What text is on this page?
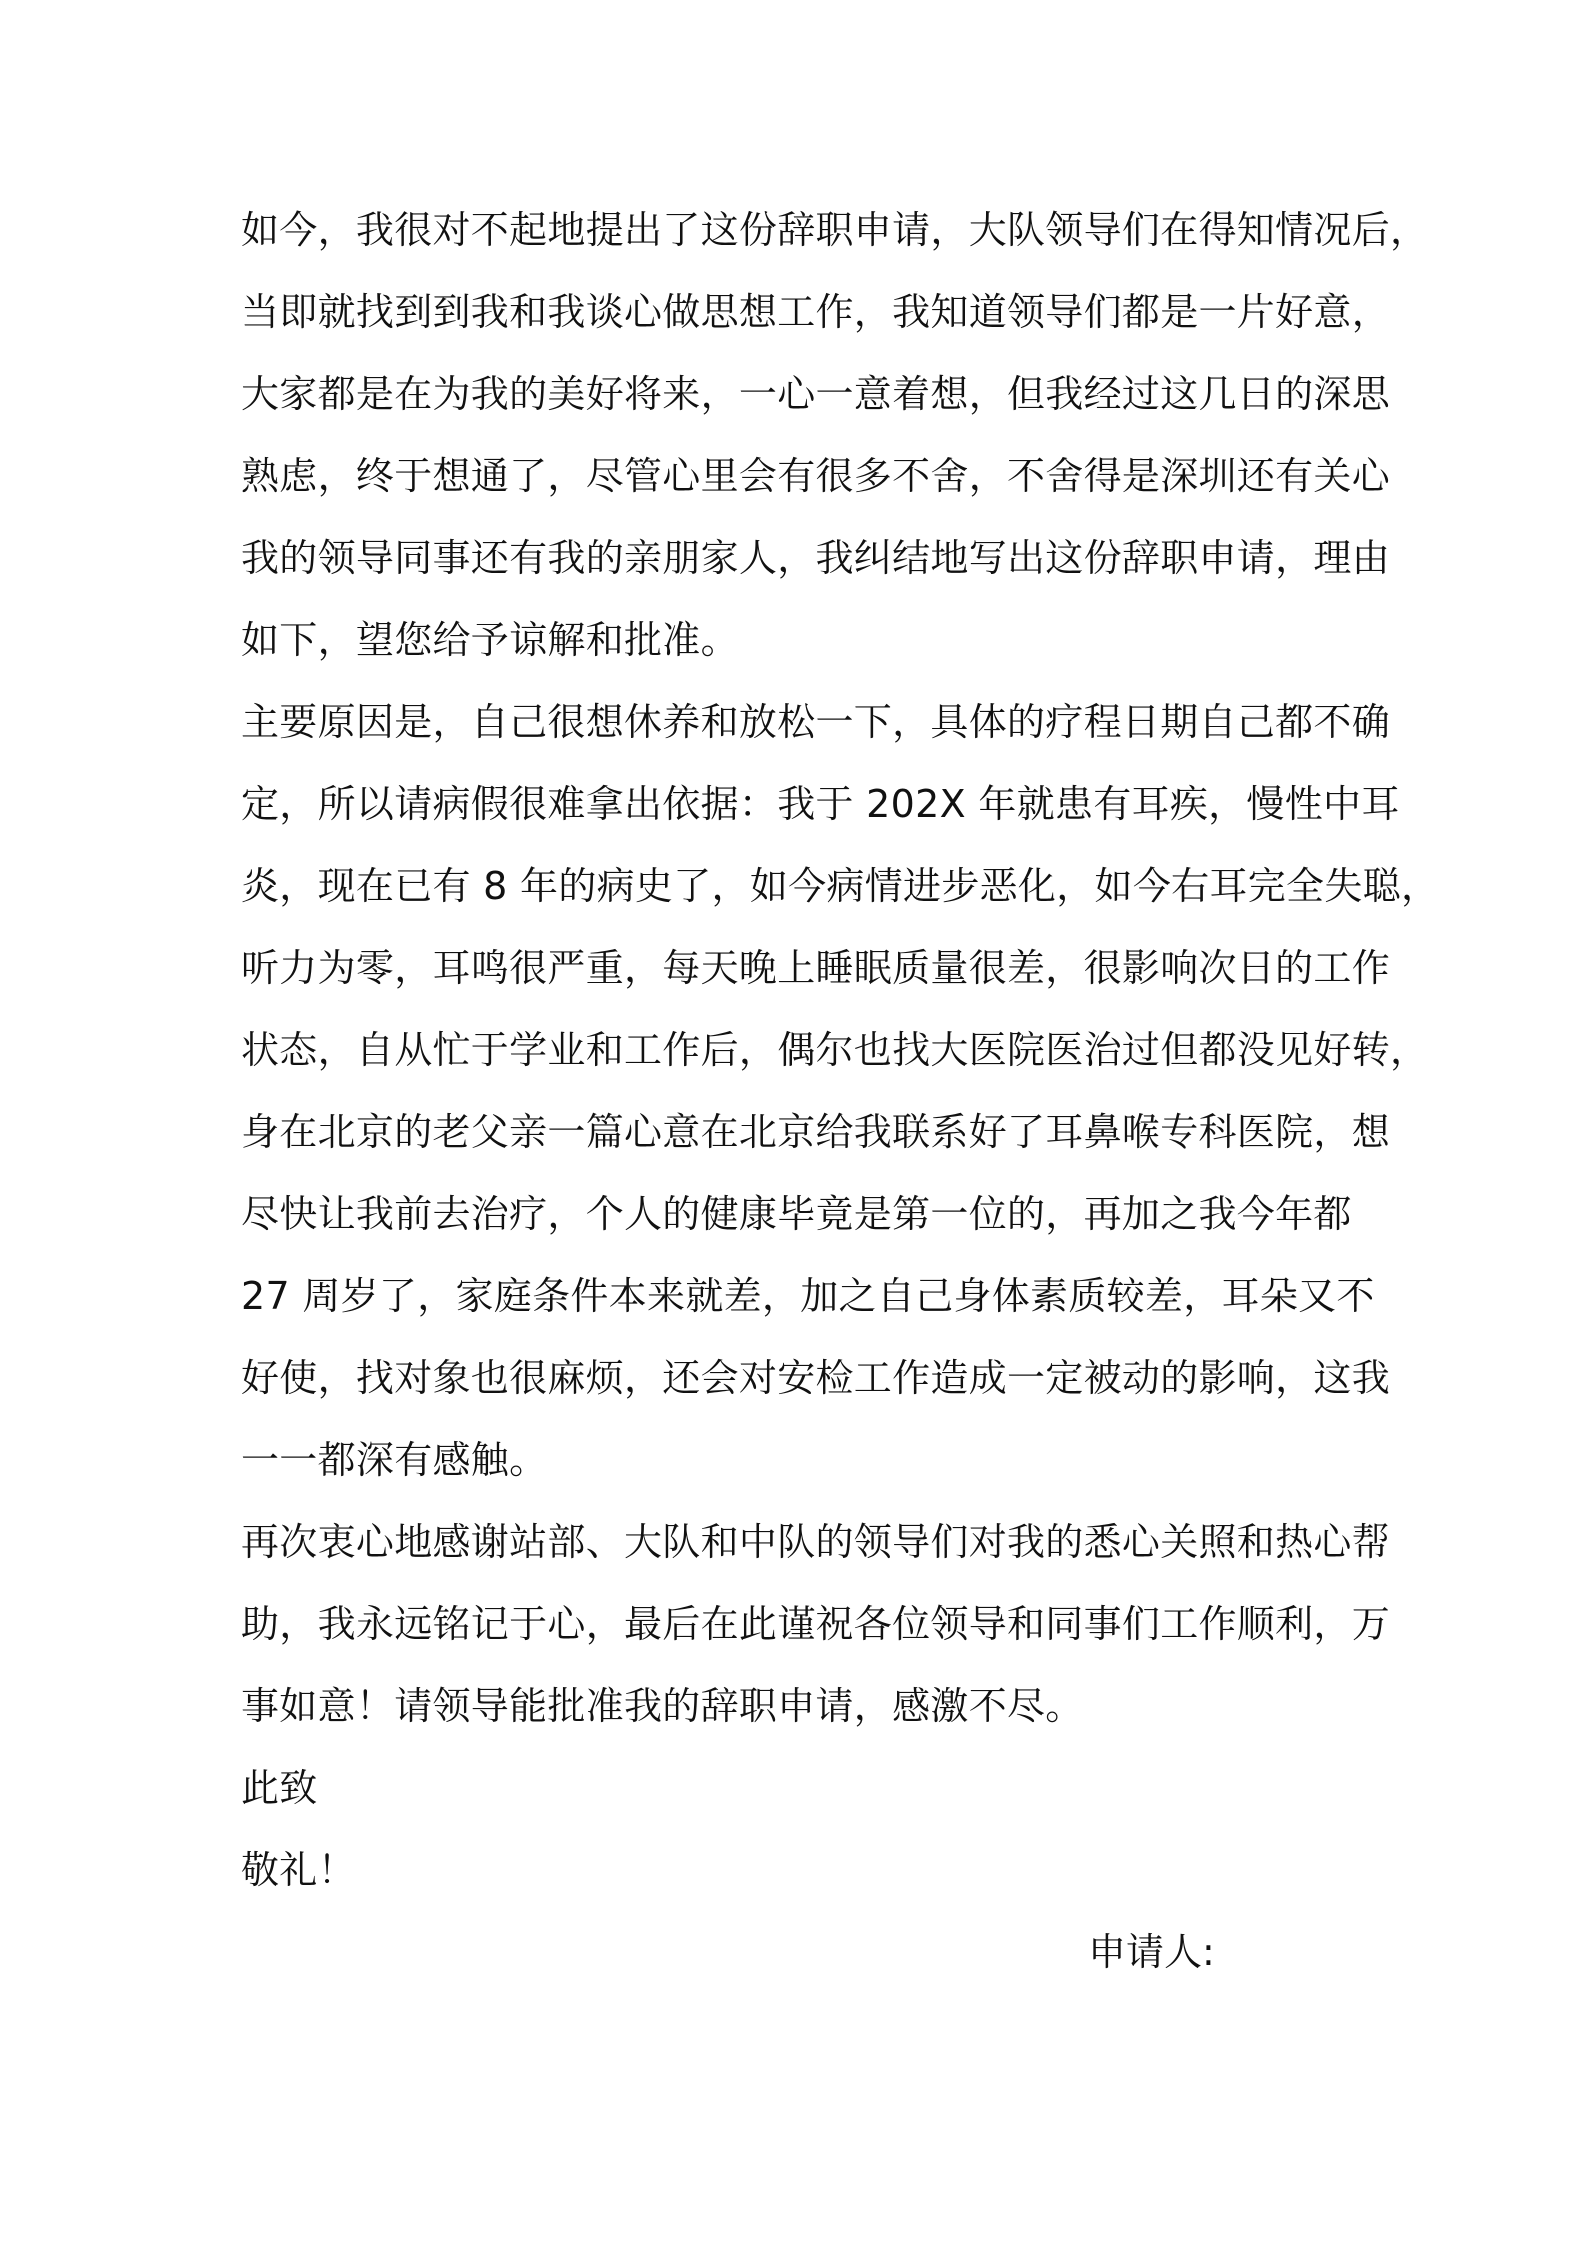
如今，我很对不起地提出了这份辞职申请，大队领导们在得知情况后，
当即就找到到我和我谈心做思想工作，我知道领导们都是一片好意，
大家都是在为我的美好将来，一心一意着想，但我经过这几日的深思
熟虑，终于想通了，尽管心里会有很多不舍，不舍得是深圳还有关心
我的领导同事还有我的亲朋家人，我纠结地写出这份辞职申请，理由
如下，望您给予谅解和批准。
主要原因是，自己很想休养和放松一下，具体的疗程日期自己都不确
定，所以请病假很难拿出依据：我于 202X 年就患有耳疾，慢性中耳
炎，现在已有 8 年的病史了，如今病情进步恶化，如今右耳完全失聪，
听力为零，耳鸣很严重，每天晚上睡眠质量很差，很影响次日的工作
状态，自从忙于学业和工作后，偶尔也找大医院医治过但都没见好转，
身在北京的老父亲一篇心意在北京给我联系好了耳鼻喉专科医院，想
尽快让我前去治疗，个人的健康毕竟是第一位的，再加之我今年都
27 周岁了，家庭条件本来就差，加之自己身体素质较差，耳朵又不
好使，找对象也很麻烦，还会对安检工作造成一定被动的影响，这我
一一都深有感触。
再次衷心地感谢站部、大队和中队的领导们对我的悉心关照和热心帮
助，我永远铭记于心，最后在此谨祝各位领导和同事们工作顺利，万
事如意！请领导能批准我的辞职申请，感激不尽。
此致
敬礼！
申请人:
